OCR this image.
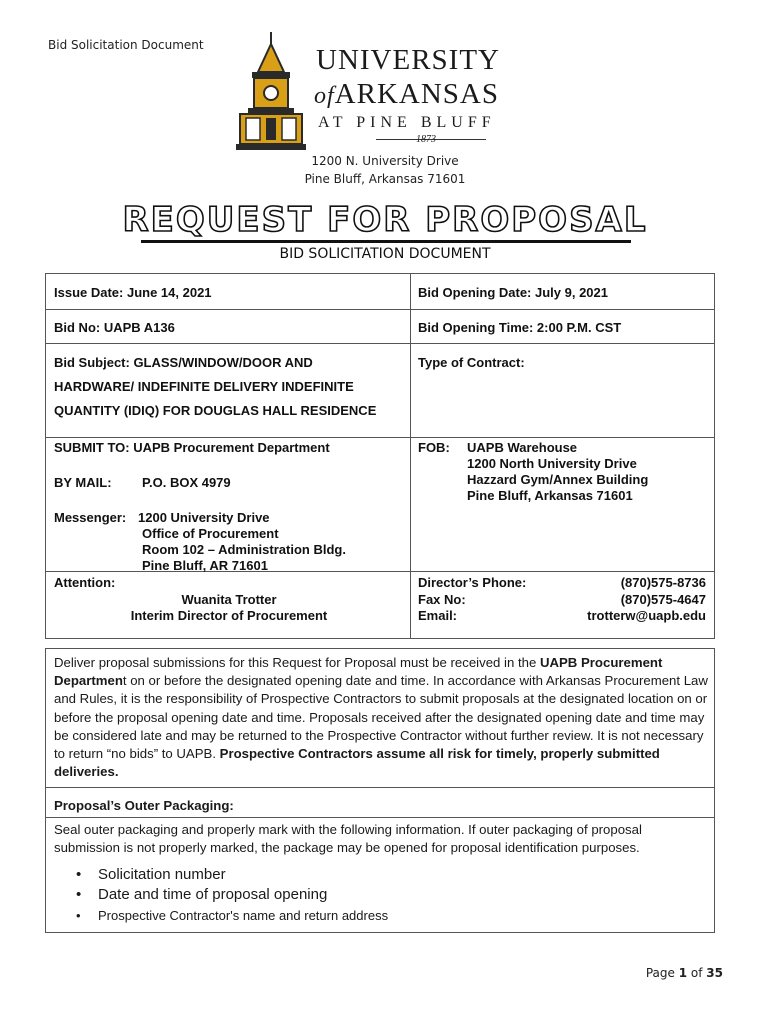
Bid Solicitation Document	UNIVERSITY
ofARKANSAS
AT PINE BLUFF
1873
1200 N. University Drive
Pine Bluff, Arkansas 71601
REQUEST FOR PROPOSAL
BID SOLICITATION DOCUMENT
Issue Date: June 14, 2021	Bid Opening Date: July 9, 2021
Bid No: UAPB A136	Bid Opening Time: 2:00 P.M. CST
Bid Subject: GLASS/WINDOW/DOOR AND
HARDWARE/ INDEFINITE DELIVERY INDEFINITE
QUANTITY (IDIQ) FOR DOUGLAS HALL RESIDENCE
Type of Contract:
SUBMIT TO: UAPB Procurement Department
BY MAIL: P.O. BOX 4979
Messenger: 1200 University Drive
Office of Procurement
Room 102 – Administration Bldg.
Pine Bluff, AR 71601
FOB: UAPB Warehouse
1200 North University Drive
Hazzard Gym/Annex Building
Pine Bluff, Arkansas 71601
Attention:
Wuanita Trotter
Interim Director of Procurement
Director’s Phone:	(870)575-8736
Fax No:	(870)575-4647
Email:	trotterw@uapb.edu
Deliver proposal submissions for this Request for Proposal must be received in the UAPB Procurement Department on or before the designated opening date and time. In accordance with Arkansas Procurement Law and Rules, it is the responsibility of Prospective Contractors to submit proposals at the designated location on or before the proposal opening date and time. Proposals received after the designated opening date and time may be considered late and may be returned to the Prospective Contractor without further review. It is not necessary to return “no bids” to UAPB. Prospective Contractors assume all risk for timely, properly submitted deliveries.
Proposal’s Outer Packaging:
Seal outer packaging and properly mark with the following information. If outer packaging of proposal submission is not properly marked, the package may be opened for proposal identification purposes.
• Solicitation number
• Date and time of proposal opening
• Prospective Contractor's name and return address
Page 1 of 35
